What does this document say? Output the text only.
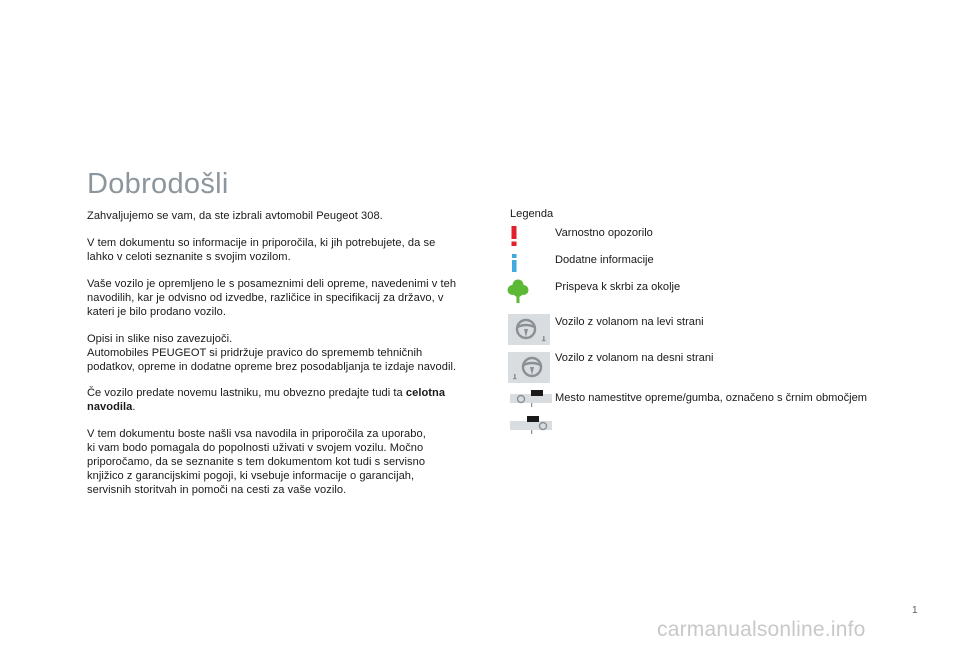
Dobrodošli

Zahvaljujemo se vam, da ste izbrali avtomobil Peugeot 308.

V tem dokumentu so informacije in priporočila, ki jih potrebujete, da se
lahko v celoti seznanite s svojim vozilom.

Vaše vozilo je opremljeno le s posameznimi deli opreme, navedenimi v teh
navodilih, kar je odvisno od izvedbe, različice in specifikacij za državo, v
kateri je bilo prodano vozilo.

Opisi in slike niso zavezujoči.
Automobiles PEUGEOT si pridržuje pravico do sprememb tehničnih
podatkov, opreme in dodatne opreme brez posodabljanja te izdaje navodil.

Če vozilo predate novemu lastniku, mu obvezno predajte tudi ta celotna
navodila.

V tem dokumentu boste našli vsa navodila in priporočila za uporabo,
ki vam bodo pomagala do popolnosti uživati v svojem vozilu. Močno
priporočamo, da se seznanite s tem dokumentom kot tudi s servisno
knjižico z garancijskimi pogoji, ki vsebuje informacije o garancijah,
servisnih storitvah in pomoči na cesti za vaše vozilo.

Legenda
Varnostno opozorilo
Dodatne informacije
Prispeva k skrbi za okolje
Vozilo z volanom na levi strani
Vozilo z volanom na desni strani
Mesto namestitve opreme/gumba, označeno s črnim območjem
1
carmanualsonline.info
